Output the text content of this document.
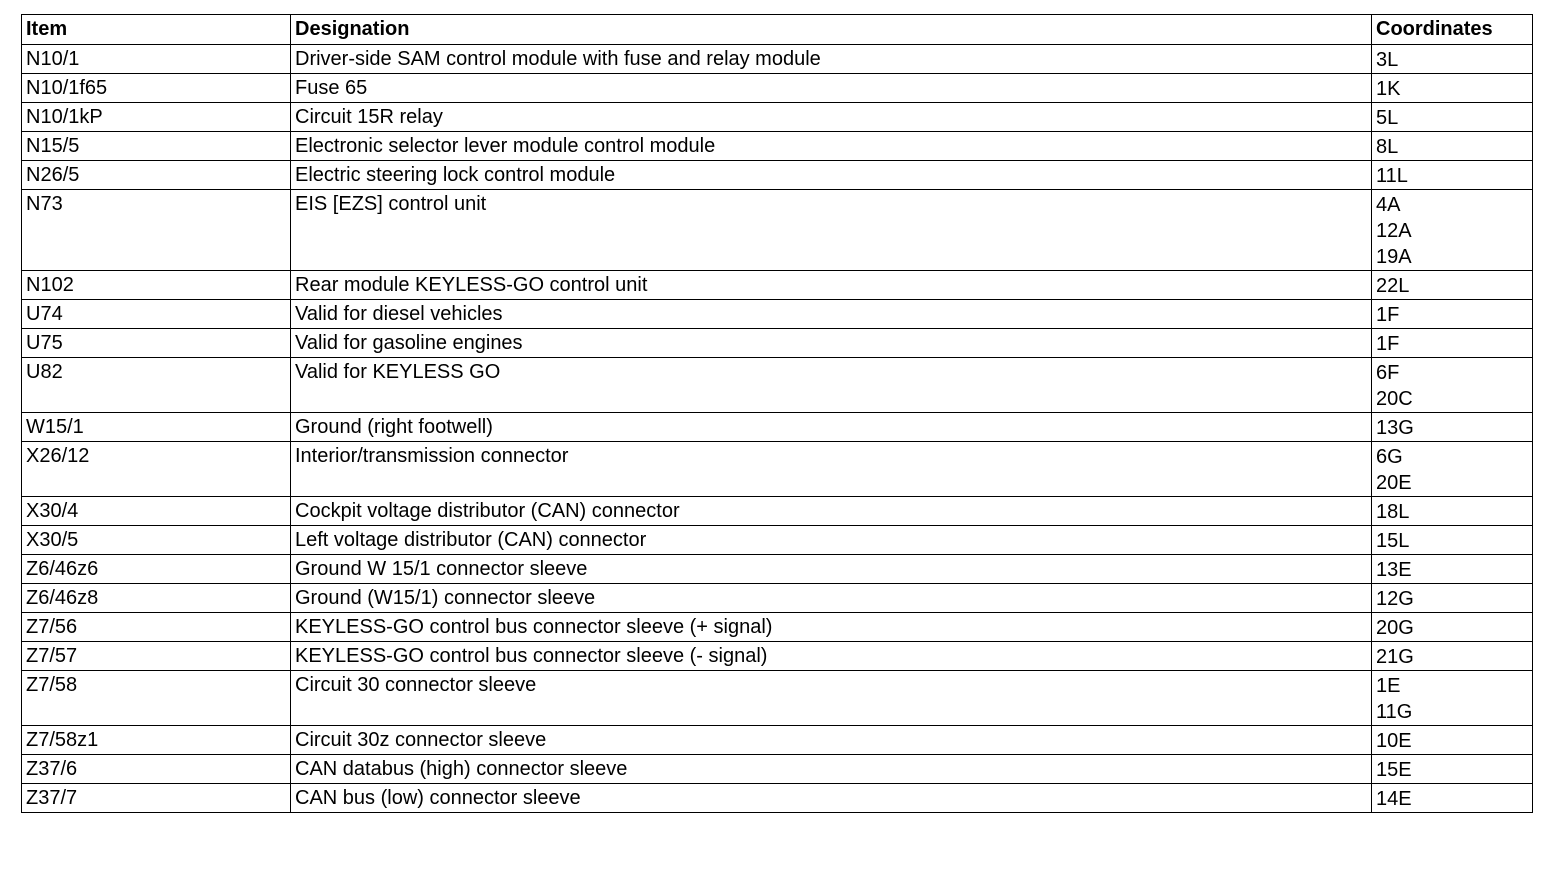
Item	Designation	Coordinates
N10/1	Driver-side SAM control module with fuse and relay module	3L

N10/1f65	Fuse 65	1K

N10/1kP	Circuit 15R relay	5L

N15/5	Electronic selector lever module control module	8L

N26/5	Electric steering lock control module	11L

N73	EIS [EZS] control unit	4A
12A
19A

N102	Rear module KEYLESS-GO control unit	22L

U74	Valid for diesel vehicles	1F

U75	Valid for gasoline engines	1F

U82	Valid for KEYLESS GO	6F
20C

W15/1	Ground (right footwell)	13G

X26/12	Interior/transmission connector	6G
20E

X30/4	Cockpit voltage distributor (CAN) connector	18L

X30/5	Left voltage distributor (CAN) connector	15L

Z6/46z6	Ground W 15/1 connector sleeve	13E

Z6/46z8	Ground (W15/1) connector sleeve	12G

Z7/56	KEYLESS-GO control bus connector sleeve (+ signal)	20G

Z7/57	KEYLESS-GO control bus connector sleeve (- signal)	21G

Z7/58	Circuit 30 connector sleeve	1E
11G

Z7/58z1	Circuit 30z connector sleeve	10E

Z37/6	CAN databus (high) connector sleeve	15E

Z37/7	CAN bus (low) connector sleeve	14E
